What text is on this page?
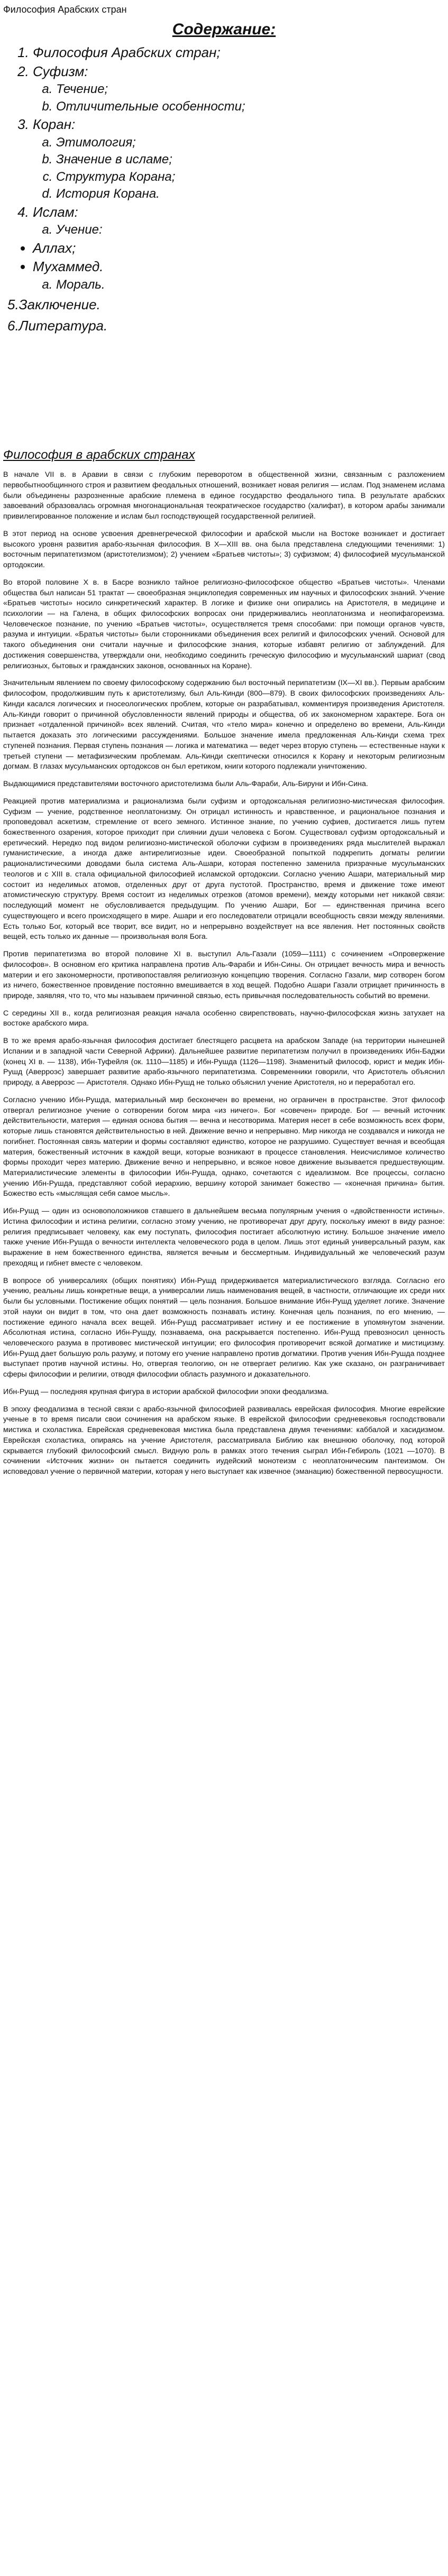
Философия Арабских стран
Содержание:
1. Философия Арабских стран;
2. Суфизм:
a. Течение;
b. Отличительные особенности;
3. Коран:
a. Этимология;
b. Значение в исламе;
c. Структура Корана;
d. История Корана.
4. Ислам:
a. Учение:
• Аллах;
• Мухаммед.
a. Мораль.
5.Заключение.
6.Литература.
Философия в арабских странах

В начале VII в. в Аравии в связи с глубоким переворотом в общественной жизни, связанным с разложением первобытнообщинного строя и развитием феодальных отношений, возникает новая религия — ислам. Под знаменем ислама были объединены разрозненные арабские племена в единое государство феодального типа. В результате арабских завоеваний образовалась огромная многонациональная теократическое государство (халифат), в котором арабы занимали привилегированное положение и ислам был господствующей государственной религией.

В этот период на основе усвоения древнегреческой философии и арабской мысли на Востоке возникает и достигает высокого уровня развития арабо-язычная философия. В X—XIII вв. она была представлена следующими течениями: 1) восточным перипатетизмом (аристотелизмом); 2) учением «Братьев чистоты»; 3) суфизмом; 4) философией мусульманской ортодоксии.

Во второй половине X в. в Басре возникло тайное религиозно-философское общество «Братьев чистоты». Членами общества был написан 51 трактат — своеобразная энциклопедия современных им научных и философских знаний. Учение «Братьев чистоты» носило синкретический характер. В логике и физике они опирались на Аристотеля, в медицине и психологии — на Галена, в общих философских вопросах они придерживались неоплатонизма и неопифагореизма. Человеческое познание, по учению «Братьев чистоты», осуществляется тремя способами: при помощи органов чувств, разума и интуиции. «Братья чистоты» были сторонниками объединения всех религий и философских учений. Основой для такого объединения они считали научные и философские знания, которые избавят религию от заблуждений. Для достижения совершенства, утверждали они, необходимо соединить греческую философию и мусульманский шариат (свод религиозных, бытовых и гражданских законов, основанных на Коране).

Значительным явлением по своему философскому содержанию был восточный перипатетизм (IX—XI вв.). Первым арабским философом, продолжившим путь к аристотелизму, был Аль-Кинди (800—879). В своих философских произведениях Аль-Кинди касался логических и гносеологических проблем, которые он разрабатывал, комментируя произведения Аристотеля. Аль-Кинди говорит о причинной обусловленности явлений природы и общества, об их закономерном характере. Бога он признает «отдаленной причиной» всех явлений. Считая, что «тело мира» конечно и определено во времени, Аль-Кинди пытается доказать это логическими рассуждениями. Большое значение имела предложенная Аль-Кинди схема трех ступеней познания. Первая ступень познания — логика и математика — ведет через вторую ступень — естественные науки к третьей ступени — метафизическим проблемам. Аль-Кинди скептически относился к Корану и некоторым религиозным догмам. В глазах мусульманских ортодоксов он был еретиком, книги которого подлежали уничтожению.

Выдающимися представителями восточного аристотелизма были Аль-Фараби, Аль-Бируни и Ибн-Сина.

Реакцией против материализма и рационализма были суфизм и ортодоксальная религиозно-мистическая философия. Суфизм — учение, родственное неоплатонизму. Он отрицал истинность и нравственное, и рациональное познания и проповедовал аскетизм, стремление от всего земного. Истинное знание, по учению суфиев, достигается лишь путем божественного озарения, которое приходит при слиянии души человека с Богом. Существовал суфизм ортодоксальный и еретический. Нередко под видом религиозно-мистической оболочки суфизм в произведениях ряда мыслителей выражал гуманистические, а иногда даже антирелигиозные идеи. Своеобразной попыткой подкрепить догматы религии рационалистическими доводами была система Аль-Ашари, которая постепенно заменила призрачные мусульманских теологов и с XIII в. стала официальной философией исламской ортодоксии. Согласно учению Ашари, материальный мир состоит из неделимых атомов, отделенных друг от друга пустотой. Пространство, время и движение тоже имеют атомистическую структуру. Время состоит из неделимых отрезков (атомов времени), между которыми нет никакой связи: последующий момент не обусловливается предыдущим. По учению Ашари, Бог — единственная причина всего существующего и всего происходящего в мире. Ашари и его последователи отрицали всеобщность связи между явлениями. Есть только Бог, который все творит, все видит, но и непрерывно воздействует на все явления. Нет постоянных свойств вещей, есть только их данные — произвольная воля Бога.

Против перипатетизма во второй половине XI в. выступил Аль-Газали (1059—1111) с сочинением «Опровержение философов». В основном его критика направлена против Аль-Фараби и Ибн-Сины. Он отрицает вечность мира и вечность материи и его закономерности, противопоставляя религиозную концепцию творения. Согласно Газали, мир сотворен богом из ничего, божественное провидение постоянно вмешивается в ход вещей. Подобно Ашари Газали отрицает причинность в природе, заявляя, что то, что мы называем причинной связью, есть привычная последовательность событий во времени.

С середины XII в., когда религиозная реакция начала особенно свирепствовать, научно-философская жизнь затухает на востоке арабского мира.

В то же время арабо-язычная философия достигает блестящего расцвета на арабском Западе (на территории нынешней Испании и в западной части Северной Африки). Дальнейшее развитие перипатетизм получил в произведениях Ибн-Баджи (конец XI в. — 1138), Ибн-Туфейля (ок. 1110—1185) и Ибн-Рушда (1126—1198). Знаменитый философ, юрист и медик Ибн-Рушд (Аверроэс) завершает развитие арабо-язычного перипатетизма. Современники говорили, что Аристотель объяснил природу, а Аверроэс — Аристотеля. Однако Ибн-Рушд не только объяснил учение Аристотеля, но и переработал его.

Согласно учению Ибн-Рушда, материальный мир бесконечен во времени, но ограничен в пространстве. Этот философ отвергал религиозное учение о сотворении богом мира «из ничего». Бог «совечен» природе. Бог — вечный источник действительности, материя — единая основа бытия — вечна и несотворима. Материя несет в себе возможность всех форм, которые лишь становятся действительностью в ней. Движение вечно и непрерывно. Мир никогда не создавался и никогда не погибнет. Постоянная связь материи и формы составляют единство, которое не разрушимо. Существует вечная и всеобщая материя, божественный источник в каждой вещи, которые возникают в процессе становления. Неисчислимое количество формы проходит через материю. Движение вечно и непрерывно, и всякое новое движение вызывается предшествующим. Материалистические элементы в философии Ибн-Рушда, однако, сочетаются с идеализмом. Все процессы, согласно учению Ибн-Рушда, представляют собой иерархию, вершину которой занимает божество — «конечная причина» бытия. Божество есть «мыслящая себя самое мысль».

Ибн-Рушд — один из основоположников ставшего в дальнейшем весьма популярным учения о «двойственности истины». Истина философии и истина религии, согласно этому учению, не противоречат друг другу, поскольку имеют в виду разное: религия предписывает человеку, как ему поступать, философия постигает абсолютную истину. Большое значение имело также учение Ибн-Рушда о вечности интеллекта человеческого рода в целом. Лишь этот единый универсальный разум, как выражение в нем божественного единства, является вечным и бессмертным. Индивидуальный же человеческий разум преходящ и гибнет вместе с человеком.

В вопросе об универсалиях (общих понятиях) Ибн-Рушд придерживается материалистического взгляда. Согласно его учению, реальны лишь конкретные вещи, а универсалии лишь наименования вещей, в частности, отличающие их среди них были бы условными. Постижение общих понятий — цель познания. Большое внимание Ибн-Рушд уделяет логике. Значение этой науки он видит в том, что она дает возможность познавать истину. Конечная цель познания, по его мнению, — постижение единого начала всех вещей. Ибн-Рушд рассматривает истину и ее постижение в упомянутом значении. Абсолютная истина, согласно Ибн-Рушду, познаваема, она раскрывается постепенно. Ибн-Рушд превозносил ценность человеческого разума в противовес мистической интуиции; его философия противоречит всякой догматике и мистицизму. Ибн-Рушд дает большую роль разуму, и потому его учение направлено против догматики. Против учения Ибн-Рушда позднее выступает против научной истины. Но, отвергая теологию, он не отвергает религию. Как уже сказано, он разграничивает сферы философии и религии, отводя философии область разумного и доказательного.

Ибн-Рушд — последняя крупная фигура в истории арабской философии эпохи феодализма.

В эпоху феодализма в тесной связи с арабо-язычной философией развивалась еврейская философия. Многие еврейские ученые в то время писали свои сочинения на арабском языке. В еврейской философии средневековья господствовали мистика и схоластика. Еврейская средневековая мистика была представлена двумя течениями: каббалой и хасидизмом. Еврейская схоластика, опираясь на учение Аристотеля, рассматривала Библию как внешнюю оболочку, под которой скрывается глубокий философский смысл. Видную роль в рамках этого течения сыграл Ибн-Гебироль (1021 —1070). В сочинении «Источник жизни» он пытается соединить иудейский монотеизм с неоплатоническим пантеизмом. Он исповедовал учение о первичной материи, которая у него выступает как извечное (эманацию) божественной первосущности.
